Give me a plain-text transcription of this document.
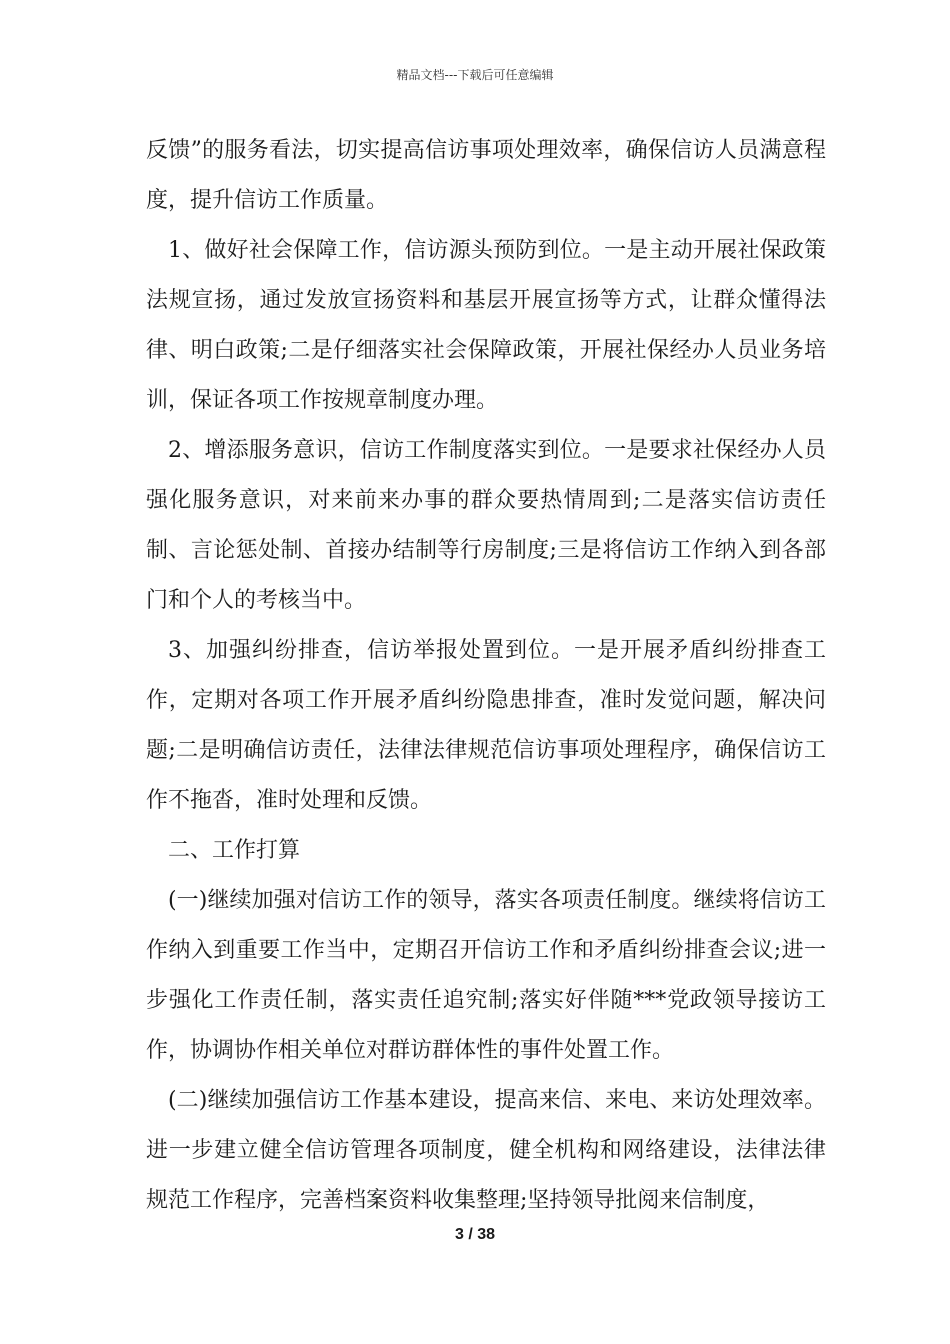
精品文档---下载后可任意编辑

反馈”的服务看法，切实提高信访事项处理效率，确保信访人员满意程度，提升信访工作质量。

1、做好社会保障工作，信访源头预防到位。一是主动开展社保政策法规宣扬，通过发放宣扬资料和基层开展宣扬等方式，让群众懂得法律、明白政策;二是仔细落实社会保障政策，开展社保经办人员业务培训，保证各项工作按规章制度办理。

2、增添服务意识，信访工作制度落实到位。一是要求社保经办人员强化服务意识，对来前来办事的群众要热情周到;二是落实信访责任制、言论惩处制、首接办结制等行房制度;三是将信访工作纳入到各部门和个人的考核当中。

3、加强纠纷排查，信访举报处置到位。一是开展矛盾纠纷排查工作，定期对各项工作开展矛盾纠纷隐患排查，准时发觉问题，解决问题;二是明确信访责任，法律法律规范信访事项处理程序，确保信访工作不拖沓，准时处理和反馈。

二、工作打算

(一)继续加强对信访工作的领导，落实各项责任制度。继续将信访工作纳入到重要工作当中，定期召开信访工作和矛盾纠纷排查会议;进一步强化工作责任制，落实责任追究制;落实好伴随***党政领导接访工作，协调协作相关单位对群访群体性的事件处置工作。

(二)继续加强信访工作基本建设，提高来信、来电、来访处理效率。进一步建立健全信访管理各项制度，健全机构和网络建设，法律法律规范工作程序，完善档案资料收集整理;坚持领导批阅来信制度，

3 / 38
